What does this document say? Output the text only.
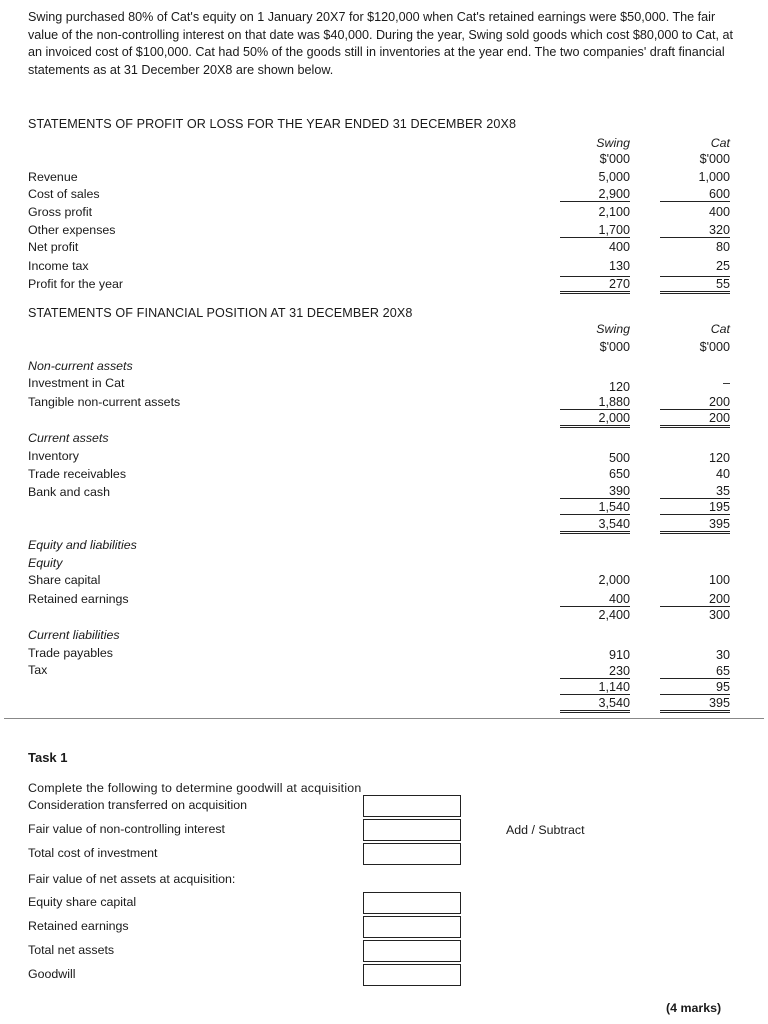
Swing purchased 80% of Cat's equity on 1 January 20X7 for $120,000 when Cat's retained earnings were $50,000. The fair value of the non-controlling interest on that date was $40,000. During the year, Swing sold goods which cost $80,000 to Cat, at an invoiced cost of $100,000. Cat had 50% of the goods still in inventories at the year end. The two companies' draft financial statements as at 31 December 20X8 are shown below.
STATEMENTS OF PROFIT OR LOSS FOR THE YEAR ENDED 31 DECEMBER 20X8
Swing	Cat
$'000	$'000
Revenue	5,000	1,000
Cost of sales	2,900	600
Gross profit	2,100	400
Other expenses	1,700	320
Net profit	400	80
Income tax	130	25
Profit for the year	270	55
STATEMENTS OF FINANCIAL POSITION AT 31 DECEMBER 20X8
Swing	Cat
$'000	$'000
Non-current assets
Investment in Cat	120	–
Tangible non-current assets	1,880	200
2,000	200
Current assets
Inventory	500	120
Trade receivables	650	40
Bank and cash	390	35
1,540	195
3,540	395
Equity and liabilities
Equity
Share capital	2,000	100
Retained earnings	400	200
2,400	300
Current liabilities
Trade payables	910	30
Tax	230	65
1,140	95
3,540	395
Task 1
Complete the following to determine goodwill at acquisition
Consideration transferred on acquisition
Fair value of non-controlling interest	Add / Subtract
Total cost of investment
Fair value of net assets at acquisition:
Equity share capital
Retained earnings
Total net assets
Goodwill
(4 marks)
